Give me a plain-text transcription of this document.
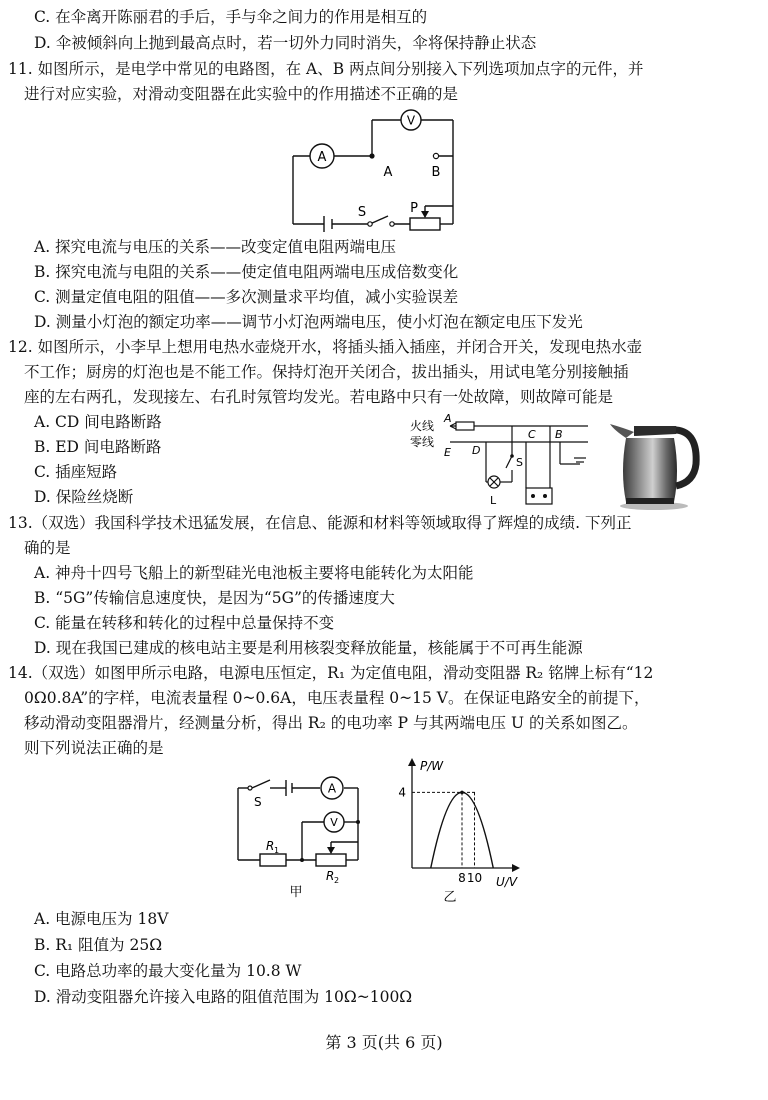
C. 在伞离开陈丽君的手后，手与伞之间力的作用是相互的
D. 伞被倾斜向上抛到最高点时，若一切外力同时消失，伞将保持静止状态
11. 如图所示，是电学中常见的电路图，在 A、B 两点间分别接入下列选项加点字的元件，并
进行对应实验，对滑动变阻器在此实验中的作用描述不正确的是
A
V
A	B
S	P
A. 探究电流与电压的关系——改变定值电阻两端电压
B. 探究电流与电阻的关系——使定值电阻两端电压成倍数变化
C. 测量定值电阻的阻值——多次测量求平均值，减小实验误差
D. 测量小灯泡的额定功率——调节小灯泡两端电压，使小灯泡在额定电压下发光
12. 如图所示，小李早上想用电热水壶烧开水，将插头插入插座，并闭合开关，发现电热水壶
不工作；厨房的灯泡也是不能工作。保持灯泡开关闭合，拔出插头，用试电笔分别接触插
座的左右两孔，发现接左、右孔时氖管均发光。若电路中只有一处故障，则故障可能是
A. CD 间电路断路
B. ED 间电路断路
C. 插座短路
D. 保险丝烧断
火线
零线
A
E
C B
D
L
S
13.（双选）我国科学技术迅猛发展，在信息、能源和材料等领域取得了辉煌的成绩. 下列正
确的是
A. 神舟十四号飞船上的新型硅光电池板主要将电能转化为太阳能
B. “5G”传输信息速度快，是因为“5G”的传播速度大
C. 能量在转移和转化的过程中总量保持不变
D. 现在我国已建成的核电站主要是利用核裂变释放能量，核能属于不可再生能源
14.（双选）如图甲所示电路，电源电压恒定，R₁ 为定值电阻，滑动变阻器 R₂ 铭牌上标有“12
0Ω0.8A”的字样，电流表量程 0~0.6A，电压表量程 0~15 V。在保证电路安全的前提下，
移动滑动变阻器滑片，经测量分析，得出 R₂ 的电功率 P 与其两端电压 U 的关系如图乙。
则下列说法正确的是
S
A
V
R 1
R 2
甲
8 10
4
P/W
U/V
乙
A. 电源电压为 18V
B. R₁ 阻值为 25Ω
C. 电路总功率的最大变化量为 10.8 W
D. 滑动变阻器允许接入电路的阻值范围为 10Ω~100Ω
第 3 页(共 6 页)
